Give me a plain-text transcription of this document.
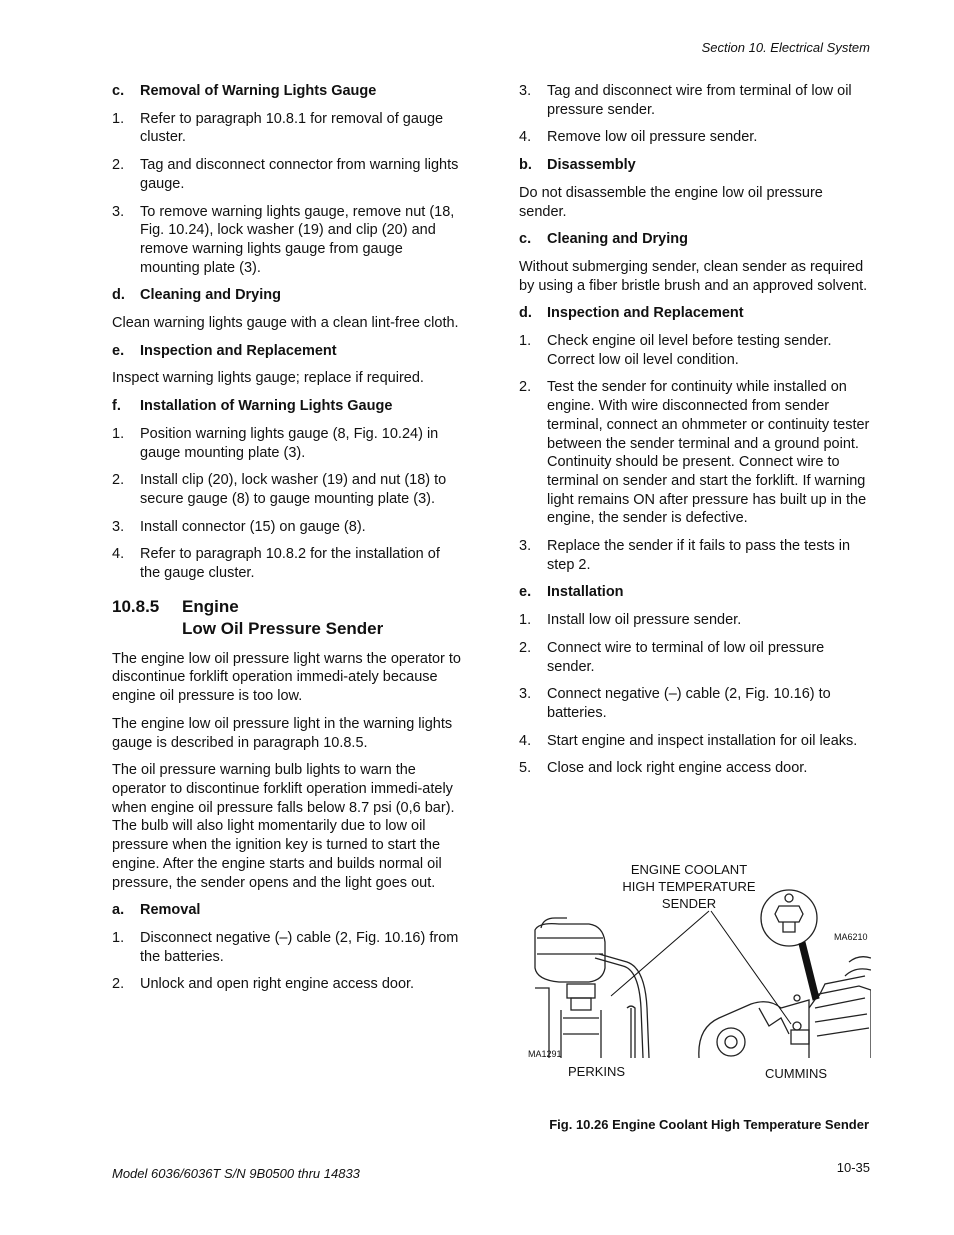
Section 10. Electrical System
c. Removal of Warning Lights Gauge
1.	Refer to paragraph 10.8.1 for removal of gauge cluster.
2.	Tag and disconnect connector from warning lights gauge.
3.	To remove warning lights gauge, remove nut (18, Fig. 10.24), lock washer (19) and clip (20) and remove warning lights gauge from gauge mounting plate (3).
d. Cleaning and Drying
Clean warning lights gauge with a clean lint-free cloth.
e. Inspection and Replacement
Inspect warning lights gauge; replace if required.
f. Installation of Warning Lights Gauge
1.	Position warning lights gauge (8, Fig. 10.24) in gauge mounting plate (3).
2.	Install clip (20), lock washer (19) and nut (18) to secure gauge (8) to gauge mounting plate (3).
3.	Install connector (15) on gauge (8).
4.	Refer to paragraph 10.8.2 for the installation of the gauge cluster.
10.8.5	Engine
Low Oil Pressure Sender
The engine low oil pressure light warns the operator to discontinue forklift operation immedi-ately because engine oil pressure is too low.
The engine low oil pressure light in the warning lights gauge is described in paragraph 10.8.5.
The oil pressure warning bulb lights to warn the operator to discontinue forklift operation immedi-ately when engine oil pressure falls below 8.7 psi (0,6 bar). The bulb will also light momentarily due to low oil pressure when the ignition key is turned to start the engine. After the engine starts and builds normal oil pressure, the sender opens and the light goes out.
a. Removal
1.	Disconnect negative (–) cable (2, Fig. 10.16) from the batteries.
2.	Unlock and open right engine access door.
3.	Tag and disconnect wire from terminal of low oil pressure sender.
4.	Remove low oil pressure sender.
b. Disassembly
Do not disassemble the engine low oil pressure sender.
c. Cleaning and Drying
Without submerging sender, clean sender as required by using a fiber bristle brush and an approved solvent.
d. Inspection and Replacement
1.	Check engine oil level before testing sender. Correct low oil level condition.
2.	Test the sender for continuity while installed on engine. With wire disconnected from sender terminal, connect an ohmmeter or continuity tester between the sender terminal and a ground point. Continuity should be present. Connect wire to terminal on sender and start the forklift. If warning light remains ON after pressure has built up in the engine, the sender is defective.
3.	Replace the sender if it fails to pass the tests in step 2.
e. Installation
1.	Install low oil pressure sender.
2.	Connect wire to terminal of low oil pressure sender.
3.	Connect negative (–) cable (2, Fig. 10.16) to batteries.
4.	Start engine and inspect installation for oil leaks.
5.	Close and lock right engine access door.
ENGINE COOLANT
HIGH TEMPERATURE
SENDER
MA6210
MA1291
PERKINS	CUMMINS
Fig. 10.26 Engine Coolant High Temperature Sender
Model 6036/6036T S/N 9B0500 thru 14833	10-35
